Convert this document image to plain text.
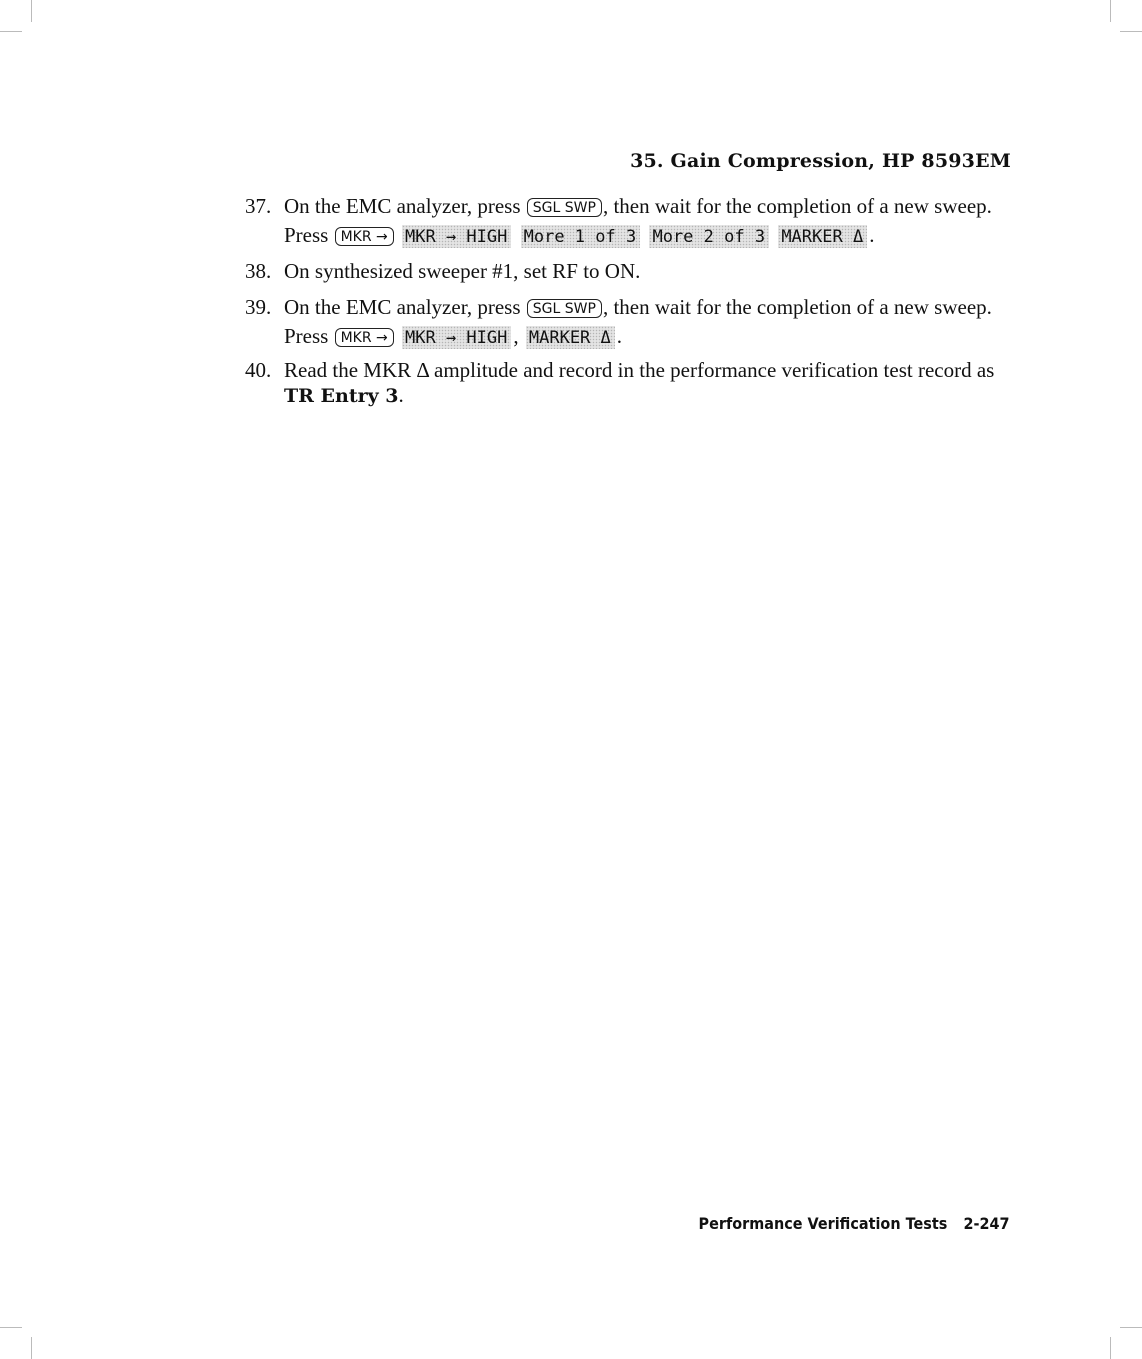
35. Gain Compression, HP 8593EM
37. On the EMC analyzer, press SGL SWP , then wait for the completion of a new sweep. Press MKR → MKR → HIGH More 1 of 3 More 2 of 3 MARKER Δ .
38. On synthesized sweeper #1, set RF to ON.
39. On the EMC analyzer, press SGL SWP , then wait for the completion of a new sweep. Press MKR → MKR → HIGH , MARKER Δ .
40. Read the MKR Δ amplitude and record in the performance verification test record as TR Entry 3.
Performance Verification Tests 2-247
